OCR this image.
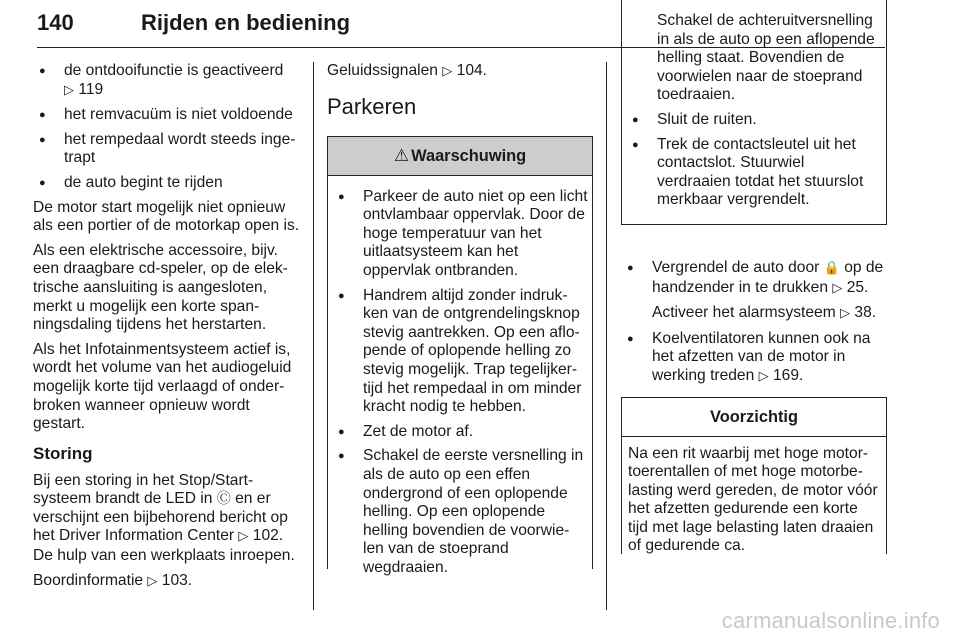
140	Rijden en bediening
● de ontdooifunctie is geactiveerd
▷ 119
● het remvacuüm is niet voldoende
● het rempedaal wordt steeds inge-trapt
● de auto begint te rijden

De motor start mogelijk niet opnieuw als een portier of de motorkap open is.

Als een elektrische accessoire, bijv. een draagbare cd-speler, op de elek-trische aansluiting is aangesloten, merkt u mogelijk een korte span-ningsdaling tijdens het herstarten.

Als het Infotainmentsysteem actief is, wordt het volume van het audiogeluid mogelijk korte tijd verlaagd of onder-broken wanneer opnieuw wordt gestart.

Storing

Bij een storing in het Stop/Start-systeem brandt de LED in Ⓒ en er verschijnt een bijbehorend bericht op het Driver Information Center ▷ 102.
De hulp van een werkplaats inroepen.

Boordinformatie ▷ 103.

Geluidssignalen ▷ 104.

Parkeren
⚠ Waarschuwing
● Parkeer de auto niet op een licht ontvlambaar oppervlak. Door de hoge temperatuur van het uitlaatsysteem kan het oppervlak ontbranden.
● Handrem altijd zonder indruk-ken van de ontgrendelingsknop stevig aantrekken. Op een aflo-pende of oplopende helling zo stevig mogelijk. Trap tegelijker-tijd het rempedaal in om minder kracht nodig te hebben.
● Zet de motor af.
● Schakel de eerste versnelling in als de auto op een effen ondergrond of een oplopende helling. Op een oplopende helling bovendien de voorwie-len van de stoeprand wegdraaien.
Schakel de achteruitversnelling in als de auto op een aflopende helling staat. Bovendien de voorwielen naar de stoeprand toedraaien.
● Sluit de ruiten.
● Trek de contactsleutel uit het contactslot. Stuurwiel verdraaien totdat het stuurslot merkbaar vergrendelt.
● Vergrendel de auto door 🔒 op de handzender in te drukken ▷ 25.
Activeer het alarmsysteem ▷ 38.
● Koelventilatoren kunnen ook na het afzetten van de motor in werking treden ▷ 169.
Voorzichtig
Na een rit waarbij met hoge motor-toerentallen of met hoge motorbe-lasting werd gereden, de motor vóór het afzetten gedurende een korte tijd met lage belasting laten draaien of gedurende ca.
carmanualsonline.info
